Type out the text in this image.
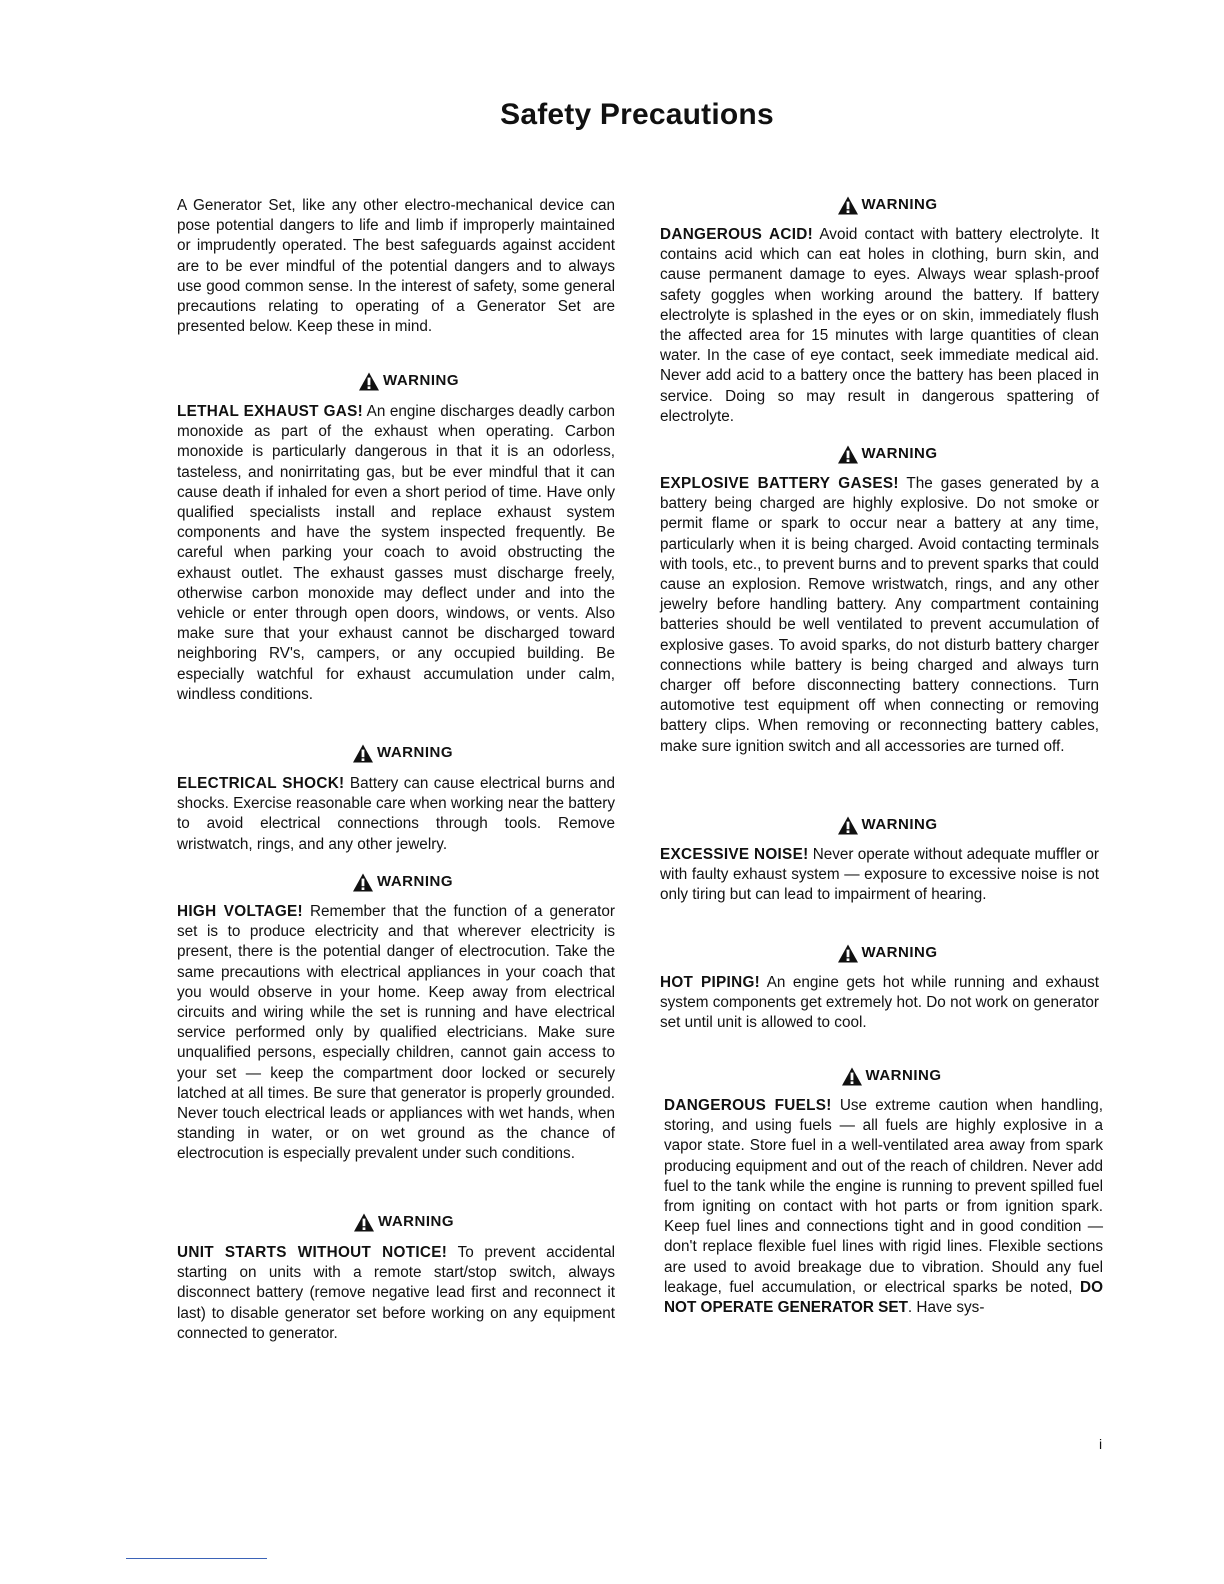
Safety Precautions

A Generator Set, like any other electro-mechanical device can pose potential dangers to life and limb if improperly maintained or imprudently operated. The best safeguards against accident are to be ever mindful of the potential dangers and to always use good common sense. In the interest of safety, some general precautions relating to operating of a Generator Set are presented below. Keep these in mind.

WARNING

LETHAL EXHAUST GAS! An engine discharges deadly carbon monoxide as part of the exhaust when operating. Carbon monoxide is particularly dangerous in that it is an odorless, tasteless, and nonirritating gas, but be ever mindful that it can cause death if inhaled for even a short period of time. Have only qualified specialists install and replace exhaust system components and have the system inspected frequently. Be careful when parking your coach to avoid obstructing the exhaust outlet. The exhaust gasses must discharge freely, otherwise carbon monoxide may deflect under and into the vehicle or enter through open doors, windows, or vents. Also make sure that your exhaust cannot be discharged toward neighboring RV's, campers, or any occupied building. Be especially watchful for exhaust accumulation under calm, windless conditions.

WARNING

ELECTRICAL SHOCK! Battery can cause electrical burns and shocks. Exercise reasonable care when working near the battery to avoid electrical connections through tools. Remove wristwatch, rings, and any other jewelry.

WARNING

HIGH VOLTAGE! Remember that the function of a generator set is to produce electricity and that wherever electricity is present, there is the potential danger of electrocution. Take the same precautions with electrical appliances in your coach that you would observe in your home. Keep away from electrical circuits and wiring while the set is running and have electrical service performed only by qualified electricians. Make sure unqualified persons, especially children, cannot gain access to your set — keep the compartment door locked or securely latched at all times. Be sure that generator is properly grounded. Never touch electrical leads or appliances with wet hands, when standing in water, or on wet ground as the chance of electrocution is especially prevalent under such conditions.

WARNING

UNIT STARTS WITHOUT NOTICE! To prevent accidental starting on units with a remote start/stop switch, always disconnect battery (remove negative lead first and reconnect it last) to disable generator set before working on any equipment connected to generator.

WARNING

DANGEROUS ACID! Avoid contact with battery electrolyte. It contains acid which can eat holes in clothing, burn skin, and cause permanent damage to eyes. Always wear splash-proof safety goggles when working around the battery. If battery electrolyte is splashed in the eyes or on skin, immediately flush the affected area for 15 minutes with large quantities of clean water. In the case of eye contact, seek immediate medical aid. Never add acid to a battery once the battery has been placed in service. Doing so may result in dangerous spattering of electrolyte.

WARNING

EXPLOSIVE BATTERY GASES! The gases generated by a battery being charged are highly explosive. Do not smoke or permit flame or spark to occur near a battery at any time, particularly when it is being charged. Avoid contacting terminals with tools, etc., to prevent burns and to prevent sparks that could cause an explosion. Remove wristwatch, rings, and any other jewelry before handling battery. Any compartment containing batteries should be well ventilated to prevent accumulation of explosive gases. To avoid sparks, do not disturb battery charger connections while battery is being charged and always turn charger off before disconnecting battery connections. Turn automotive test equipment off when connecting or removing battery clips. When removing or reconnecting battery cables, make sure ignition switch and all accessories are turned off.

WARNING

EXCESSIVE NOISE! Never operate without adequate muffler or with faulty exhaust system — exposure to excessive noise is not only tiring but can lead to impairment of hearing.

WARNING

HOT PIPING! An engine gets hot while running and exhaust system components get extremely hot. Do not work on generator set until unit is allowed to cool.

WARNING

DANGEROUS FUELS! Use extreme caution when handling, storing, and using fuels — all fuels are highly explosive in a vapor state. Store fuel in a well-ventilated area away from spark producing equipment and out of the reach of children. Never add fuel to the tank while the engine is running to prevent spilled fuel from igniting on contact with hot parts or from ignition spark. Keep fuel lines and connections tight and in good condition — don't replace flexible fuel lines with rigid lines. Flexible sections are used to avoid breakage due to vibration. Should any fuel leakage, fuel accumulation, or electrical sparks be noted, DO NOT OPERATE GENERATOR SET. Have sys-

i
